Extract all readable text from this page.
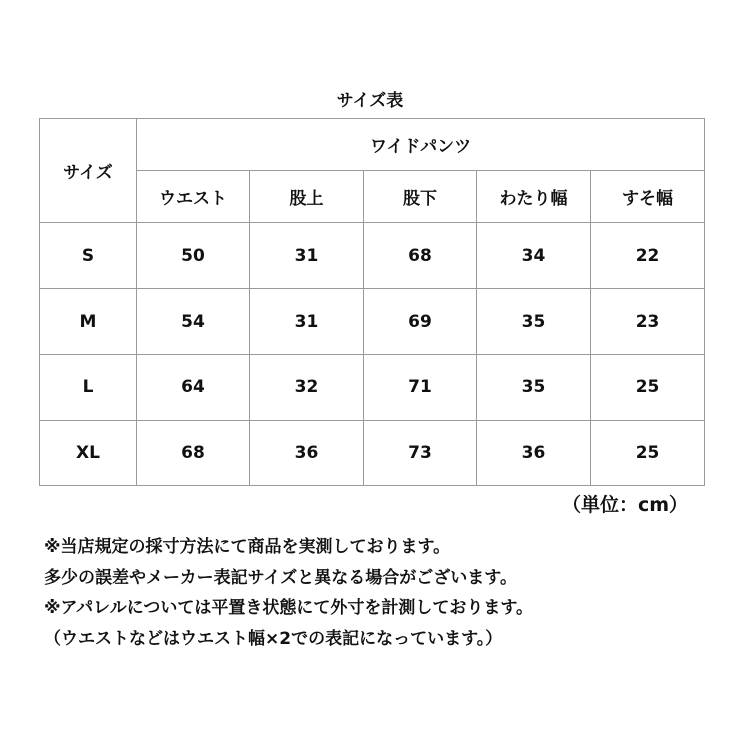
サイズ表
サイズ	ワイドパンツ				
	ウエスト	股上	股下	わたり幅	すそ幅
S	50	31	68	34	22
M	54	31	69	35	23
L	64	32	71	35	25
XL	68	36	73	36	25
（単位：cm）
※当店規定の採寸方法にて商品を実測しております。
多少の誤差やメーカー表記サイズと異なる場合がございます。
※アパレルについては平置き状態にて外寸を計測しております。
（ウエストなどはウエスト幅×2での表記になっています。）
